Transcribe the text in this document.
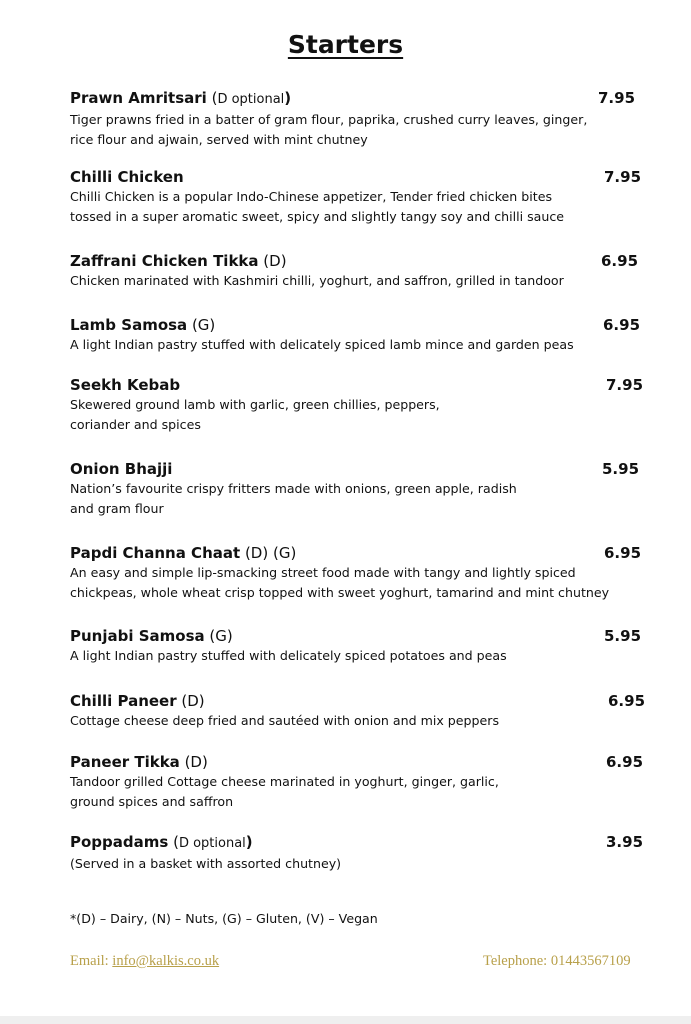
Starters
Prawn Amritsari (D optional)	7.95
Tiger prawns fried in a batter of gram flour, paprika, crushed curry leaves, ginger,
rice flour and ajwain, served with mint chutney
Chilli Chicken	7.95
Chilli Chicken is a popular Indo-Chinese appetizer, Tender fried chicken bites
tossed in a super aromatic sweet, spicy and slightly tangy soy and chilli sauce
Zaffrani Chicken Tikka (D)	6.95
Chicken marinated with Kashmiri chilli, yoghurt, and saffron, grilled in tandoor
Lamb Samosa (G)	6.95
A light Indian pastry stuffed with delicately spiced lamb mince and garden peas
Seekh Kebab	7.95
Skewered ground lamb with garlic, green chillies, peppers,
coriander and spices
Onion Bhajji	5.95
Nation’s favourite crispy fritters made with onions, green apple, radish
and gram flour
Papdi Channa Chaat (D) (G)	6.95
An easy and simple lip-smacking street food made with tangy and lightly spiced
chickpeas, whole wheat crisp topped with sweet yoghurt, tamarind and mint chutney
Punjabi Samosa (G)	5.95
A light Indian pastry stuffed with delicately spiced potatoes and peas
Chilli Paneer (D)	6.95
Cottage cheese deep fried and sautéed with onion and mix peppers
Paneer Tikka (D)	6.95
Tandoor grilled Cottage cheese marinated in yoghurt, ginger, garlic,
ground spices and saffron
Poppadams (D optional)	3.95
(Served in a basket with assorted chutney)
*(D) – Dairy, (N) – Nuts, (G) – Gluten, (V) – Vegan
Email: info@kalkis.co.uk	Telephone: 01443567109
